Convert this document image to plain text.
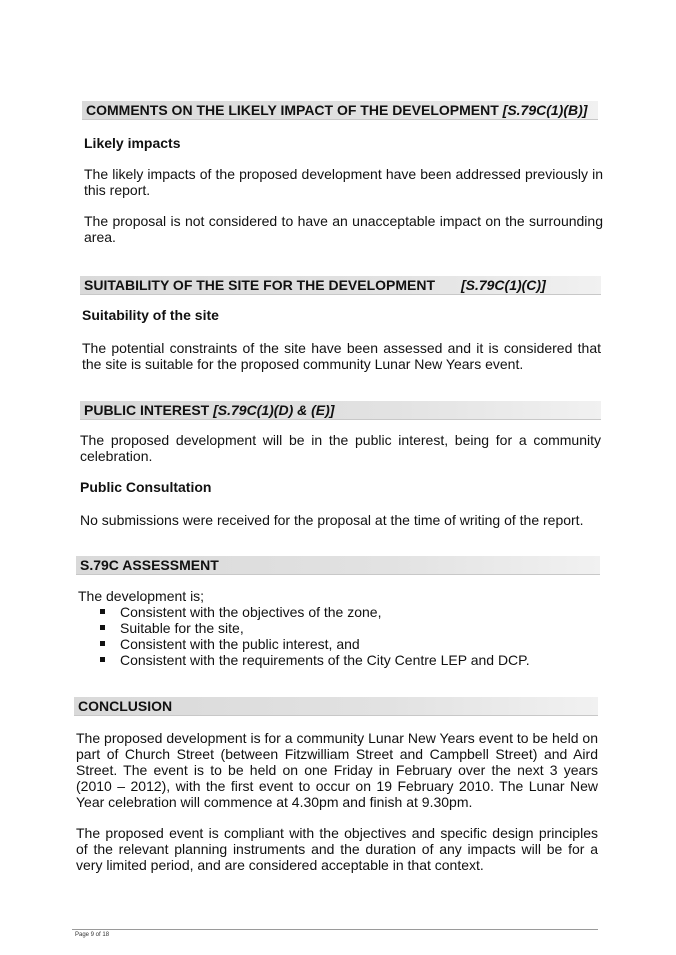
COMMENTS ON THE LIKELY IMPACT OF THE DEVELOPMENT [S.79C(1)(B)]
Likely impacts
The likely impacts of the proposed development have been addressed previously in this report.
The proposal is not considered to have an unacceptable impact on the surrounding area.
SUITABILITY OF THE SITE FOR THE DEVELOPMENT [S.79C(1)(C)]
Suitability of the site
The potential constraints of the site have been assessed and it is considered that the site is suitable for the proposed community Lunar New Years event.
PUBLIC INTEREST [S.79C(1)(D) & (E)]
The proposed development will be in the public interest, being for a community celebration.
Public Consultation
No submissions were received for the proposal at the time of writing of the report.
S.79C ASSESSMENT
The development is;
Consistent with the objectives of the zone,
Suitable for the site,
Consistent with the public interest, and
Consistent with the requirements of the City Centre LEP and DCP.
CONCLUSION
The proposed development is for a community Lunar New Years event to be held on part of Church Street (between Fitzwilliam Street and Campbell Street) and Aird Street. The event is to be held on one Friday in February over the next 3 years (2010 – 2012), with the first event to occur on 19 February 2010. The Lunar New Year celebration will commence at 4.30pm and finish at 9.30pm.
The proposed event is compliant with the objectives and specific design principles of the relevant planning instruments and the duration of any impacts will be for a very limited period, and are considered acceptable in that context.
Page 9 of 18
